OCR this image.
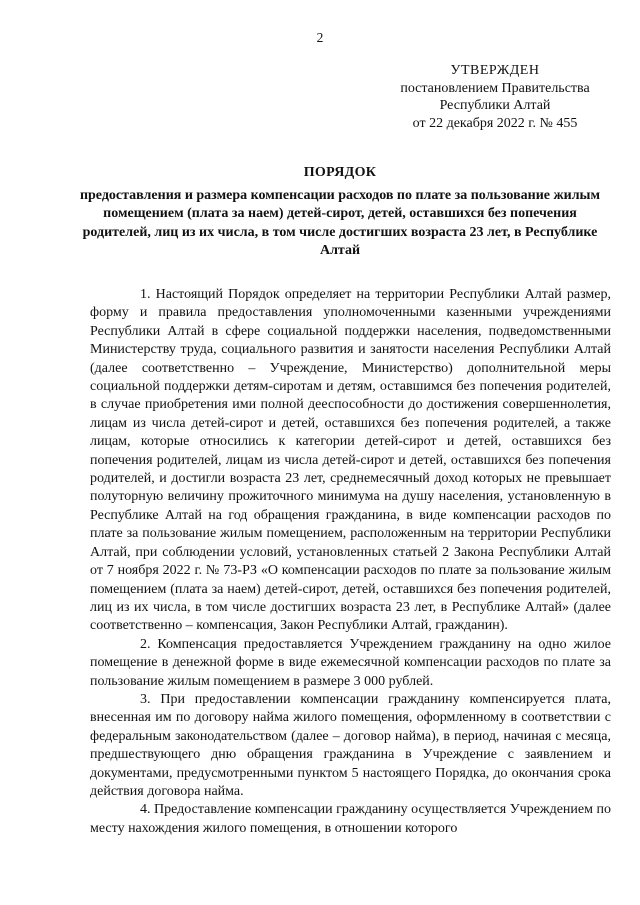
2
УТВЕРЖДЕН
постановлением Правительства
Республики Алтай
от 22 декабря 2022 г. № 455
ПОРЯДОК
предоставления и размера компенсации расходов по плате за пользование жилым помещением (плата за наем) детей-сирот, детей, оставшихся без попечения родителей, лиц из их числа, в том числе достигших возраста 23 лет, в Республике Алтай

1. Настоящий Порядок определяет на территории Республики Алтай размер, форму и правила предоставления уполномоченными казенными учреждениями Республики Алтай в сфере социальной поддержки населения, подведомственными Министерству труда, социального развития и занятости населения Республики Алтай (далее соответственно – Учреждение, Министерство) дополнительной меры социальной поддержки детям-сиротам и детям, оставшимся без попечения родителей, в случае приобретения ими полной дееспособности до достижения совершеннолетия, лицам из числа детей-сирот и детей, оставшихся без попечения родителей, а также лицам, которые относились к категории детей-сирот и детей, оставшихся без попечения родителей, лицам из числа детей-сирот и детей, оставшихся без попечения родителей, и достигли возраста 23 лет, среднемесячный доход которых не превышает полуторную величину прожиточного минимума на душу населения, установленную в Республике Алтай на год обращения гражданина, в виде компенсации расходов по плате за пользование жилым помещением, расположенным на территории Республики Алтай, при соблюдении условий, установленных статьей 2 Закона Республики Алтай от 7 ноября 2022 г. № 73-РЗ «О компенсации расходов по плате за пользование жилым помещением (плата за наем) детей-сирот, детей, оставшихся без попечения родителей, лиц из их числа, в том числе достигших возраста 23 лет, в Республике Алтай» (далее соответственно – компенсация, Закон Республики Алтай, гражданин).

2. Компенсация предоставляется Учреждением гражданину на одно жилое помещение в денежной форме в виде ежемесячной компенсации расходов по плате за пользование жилым помещением в размере 3 000 рублей.

3. При предоставлении компенсации гражданину компенсируется плата, внесенная им по договору найма жилого помещения, оформленному в соответствии с федеральным законодательством (далее – договор найма), в период, начиная с месяца, предшествующего дню обращения гражданина в Учреждение с заявлением и документами, предусмотренными пунктом 5 настоящего Порядка, до окончания срока действия договора найма.

4. Предоставление компенсации гражданину осуществляется Учреждением по месту нахождения жилого помещения, в отношении которого
